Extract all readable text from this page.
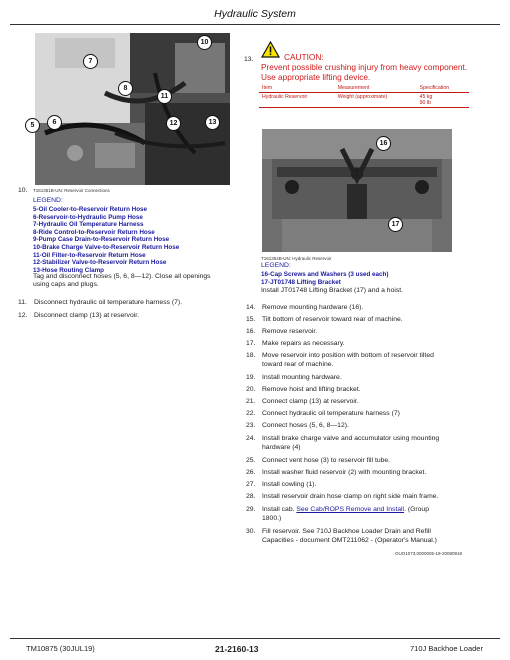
Hydraulic System
10
7
8
11
5	6	12	13
10. T161351B-UN: Reservoir Connections
LEGEND:
5-Oil Cooler-to-Reservoir Return Hose
6-Reservoir-to-Hydraulic Pump Hose
7-Hydraulic Oil Temperature Harness
8-Ride Control-to-Reservoir Return Hose
9-Pump Case Drain-to-Reservoir Return Hose
10-Brake Charge Valve-to-Reservoir Return Hose
11-Oil Filter-to-Reservoir Return Hose
12-Stabilizer Valve-to-Reservoir Return Hose
13-Hose Routing Clamp
Tag and disconnect hoses (5, 6, 8—12). Close all openings
using caps and plugs.
11. Disconnect hydraulic oil temperature harness (7).
12. Disconnect clamp (13) at reservoir.
13.	CAUTION:
Prevent possible crushing injury from heavy component.
Use appropriate lifting device.
Item	Measurement	Specification
Hydraulic Reservoir	Weight (approximate)	45 kg
90 lb
16
17
T161354B-UN: Hydraulic Reservoir
LEGEND:
16-Cap Screws and Washers (3 used each)
17-JT01748 Lifting Bracket
Install JT01748 Lifting Bracket (17) and a hoist.
14. Remove mounting hardware (16).
15. Tilt bottom of reservoir toward rear of machine.
16. Remove reservoir.
17. Make repairs as necessary.
18. Move reservoir into position with bottom of reservoir tilted
toward rear of machine.
19. Install mounting hardware.
20. Remove hoist and lifting bracket.
21. Connect clamp (13) at reservoir.
22. Connect hydraulic oil temperature harness (7)
23. Connect hoses (5, 6, 8—12).
24. Install brake charge valve and accumulator using mounting
hardware (4)
25. Connect vent hose (3) to reservoir fill tube.
26. Install washer fluid reservoir (2) with mounting bracket.
27. Install cowling (1).
28. Install reservoir drain hose clamp on right side main frame.
29. Install cab. See Cab/ROPS Remove and Install. (Group
1800.)
30. Fill reservoir. See 710J Backhoe Loader Drain and Refill
Capacities - document OMT211062 - (Operator's Manual.)
OUO1073,0000005-19-20080918
TM10875 (30JUL19)	21-2160-13	710J Backhoe Loader
